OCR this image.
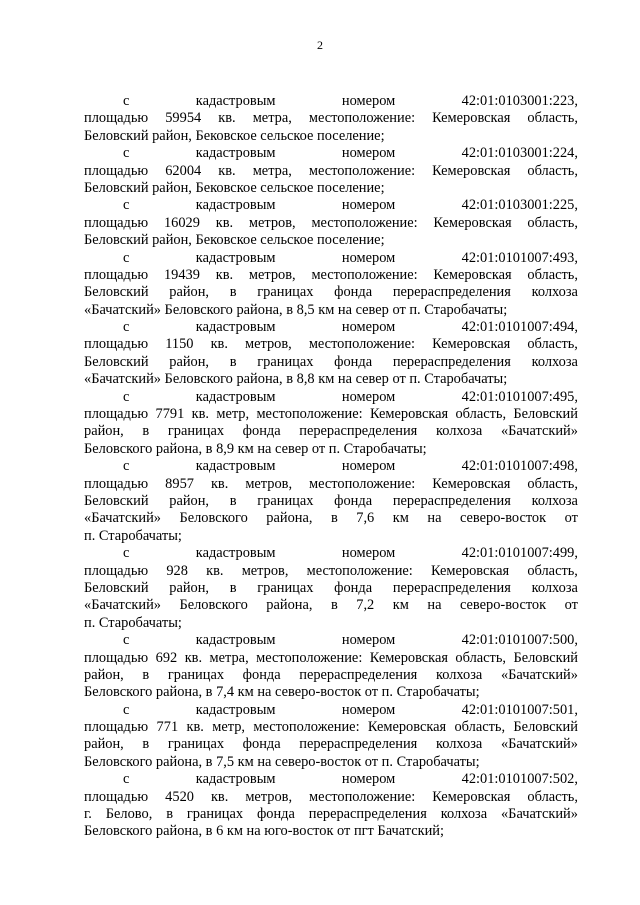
2
с	кадастровым	номером	42:01:0103001:223,
площадью 59954 кв. метра, местоположение: Кемеровская область,
Беловский район, Бековское сельское поселение;
с	кадастровым	номером	42:01:0103001:224,
площадью 62004 кв. метра, местоположение: Кемеровская область,
Беловский район, Бековское сельское поселение;
с	кадастровым	номером	42:01:0103001:225,
площадью 16029 кв. метров, местоположение: Кемеровская область,
Беловский район, Бековское сельское поселение;
с	кадастровым	номером	42:01:0101007:493,
площадью 19439 кв. метров, местоположение: Кемеровская область,
Беловский район, в границах фонда перераспределения колхоза
«Бачатский» Беловского района, в 8,5 км на север от п. Старобачаты;
с	кадастровым	номером	42:01:0101007:494,
площадью 1150 кв. метров, местоположение: Кемеровская область,
Беловский район, в границах фонда перераспределения колхоза
«Бачатский» Беловского района, в 8,8 км на север от п. Старобачаты;
с	кадастровым	номером	42:01:0101007:495,
площадью 7791 кв. метр, местоположение: Кемеровская область, Беловский
район, в границах фонда перераспределения колхоза «Бачатский»
Беловского района, в 8,9 км на север от п. Старобачаты;
с	кадастровым	номером	42:01:0101007:498,
площадью 8957 кв. метров, местоположение: Кемеровская область,
Беловский район, в границах фонда перераспределения колхоза
«Бачатский» Беловского района, в 7,6 км на северо-восток от
п. Старобачаты;
с	кадастровым	номером	42:01:0101007:499,
площадью 928 кв. метров, местоположение: Кемеровская область,
Беловский район, в границах фонда перераспределения колхоза
«Бачатский» Беловского района, в 7,2 км на северо-восток от
п. Старобачаты;
с	кадастровым	номером	42:01:0101007:500,
площадью 692 кв. метра, местоположение: Кемеровская область, Беловский
район, в границах фонда перераспределения колхоза «Бачатский»
Беловского района, в 7,4 км на северо-восток от п. Старобачаты;
с	кадастровым	номером	42:01:0101007:501,
площадью 771 кв. метр, местоположение: Кемеровская область, Беловский
район, в границах фонда перераспределения колхоза «Бачатский»
Беловского района, в 7,5 км на северо-восток от п. Старобачаты;
с	кадастровым	номером	42:01:0101007:502,
площадью 4520 кв. метров, местоположение: Кемеровская область,
г. Белово, в границах фонда перераспределения колхоза «Бачатский»
Беловского района, в 6 км на юго-восток от пгт Бачатский;
